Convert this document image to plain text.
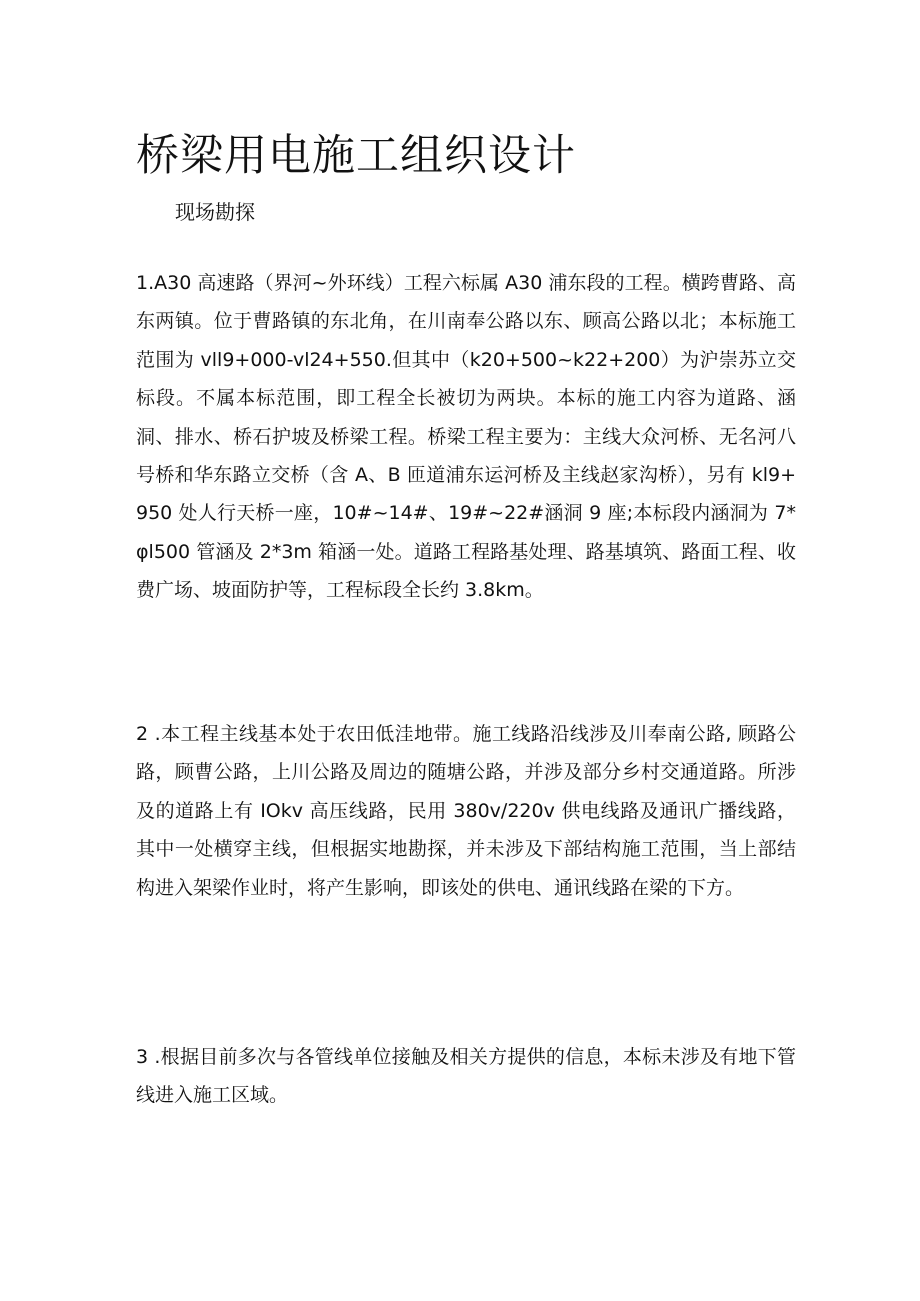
桥梁用电施工组织设计
现场勘探

1.A30 高速路（界河~外环线）工程六标属 A30 浦东段的工程。横跨曹路、高东两镇。位于曹路镇的东北角，在川南奉公路以东、顾高公路以北；本标施工范围为 vll9+000-vl24+550.但其中（k20+500~k22+200）为沪崇苏立交标段。不属本标范围，即工程全长被切为两块。本标的施工内容为道路、涵洞、排水、桥石护坡及桥梁工程。桥梁工程主要为：主线大众河桥、无名河八号桥和华东路立交桥（含 A、B 匝道浦东运河桥及主线赵家沟桥），另有 kl9+950 处人行天桥一座，10#~14#、19#~22#涵洞 9 座;本标段内涵洞为 7*φl500 管涵及 2*3m 箱涵一处。道路工程路基处理、路基填筑、路面工程、收费广场、坡面防护等，工程标段全长约 3.8km。

2 .本工程主线基本处于农田低洼地带。施工线路沿线涉及川奉南公路, 顾路公路，顾曹公路，上川公路及周边的随塘公路，并涉及部分乡村交通道路。所涉及的道路上有 IOkv 高压线路，民用 380v∕220v 供电线路及通讯广播线路，其中一处横穿主线，但根据实地勘探，并未涉及下部结构施工范围，当上部结构进入架梁作业时，将产生影响，即该处的供电、通讯线路在梁的下方。

3 .根据目前多次与各管线单位接触及相关方提供的信息，本标未涉及有地下管线进入施工区域。
